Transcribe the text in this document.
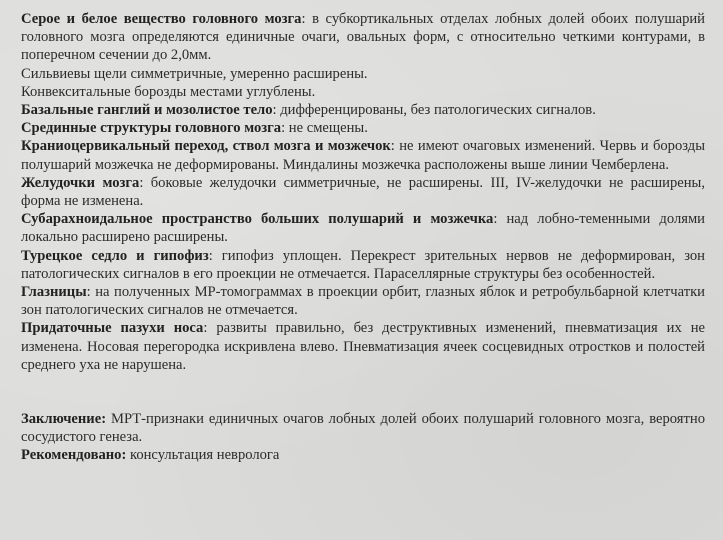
Серое и белое вещество головного мозга: в субкортикальных отделах лобных долей обоих полушарий головного мозга определяются единичные очаги, овальных форм, с относительно четкими контурами, в поперечном сечении до 2,0мм.

Сильвиевы щели симметричные, умеренно расширены.

Конвекситальные борозды местами углублены.

Базальные ганглий и мозолистое тело: дифференцированы, без патологических сигналов.

Срединные структуры головного мозга: не смещены.

Краниоцервикальный переход, ствол мозга и мозжечок: не имеют очаговых изменений. Червь и борозды полушарий мозжечка не деформированы. Миндалины мозжечка расположены выше линии Чемберлена.

Желудочки мозга: боковые желудочки симметричные, не расширены. III, IV-желудочки не расширены, форма не изменена.

Субарахноидальное пространство больших полушарий и мозжечка: над лобно-теменными долями локально расширено расширены.

Турецкое седло и гипофиз: гипофиз уплощен. Перекрест зрительных нервов не деформирован, зон патологических сигналов в его проекции не отмечается. Параселлярные структуры без особенностей.

Глазницы: на полученных МР-томограммах в проекции орбит, глазных яблок и ретробульбарной клетчатки зон патологических сигналов не отмечается.

Придаточные пазухи носа: развиты правильно, без деструктивных изменений, пневматизация их не изменена. Носовая перегородка искривлена влево. Пневматизация ячеек сосцевидных отростков и полостей среднего уха не нарушена.

Заключение: МРТ-признаки единичных очагов лобных долей обоих полушарий головного мозга, вероятно сосудистого генеза.

Рекомендовано: консультация невролога
